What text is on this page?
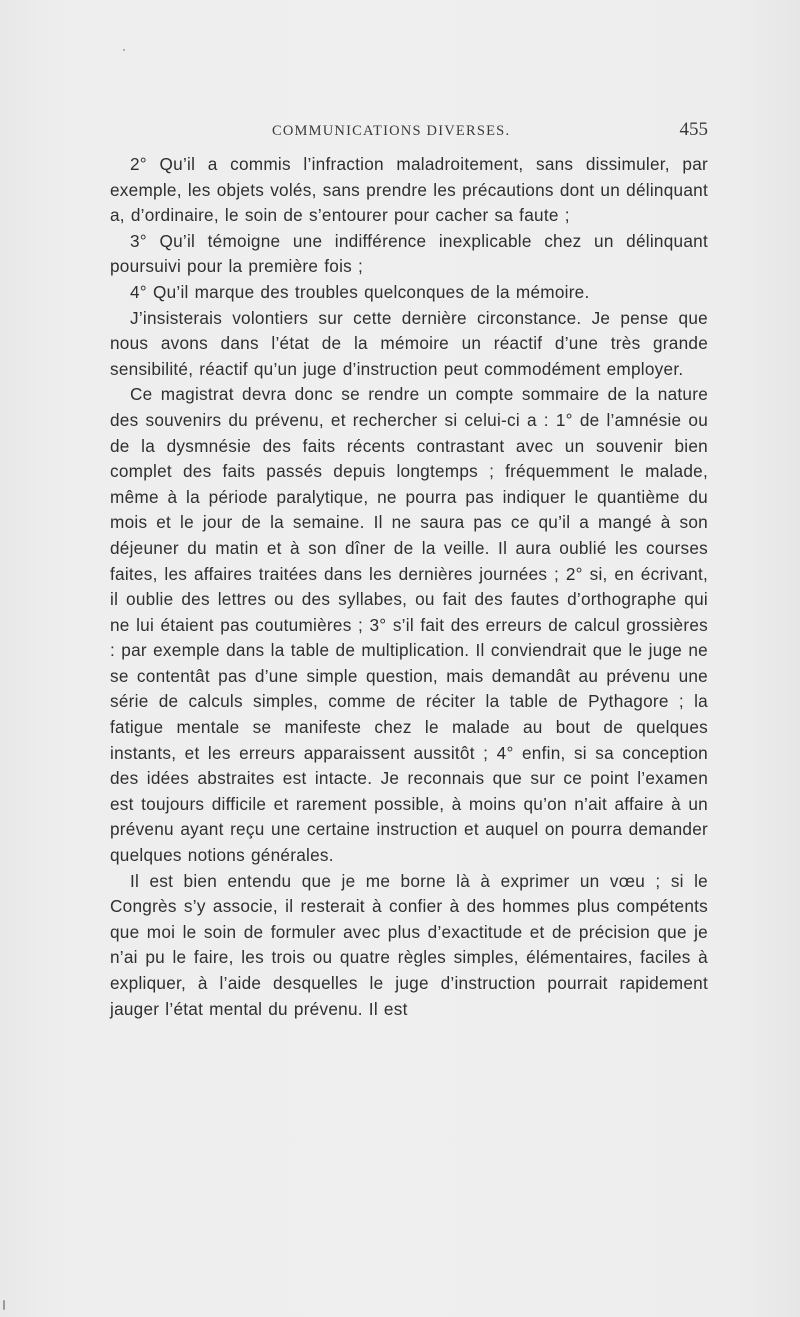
COMMUNICATIONS DIVERSES.	455

2° Qu’il a commis l’infraction maladroitement, sans dissimuler, par exemple, les objets volés, sans prendre les précautions dont un délinquant a, d’ordinaire, le soin de s’entourer pour cacher sa faute ;

3° Qu’il témoigne une indifférence inexplicable chez un délinquant poursuivi pour la première fois ;

4° Qu’il marque des troubles quelconques de la mémoire.

J’insisterais volontiers sur cette dernière circonstance. Je pense que nous avons dans l’état de la mémoire un réactif d’une très grande sensibilité, réactif qu’un juge d’instruction peut commodément employer.

Ce magistrat devra donc se rendre un compte sommaire de la nature des souvenirs du prévenu, et rechercher si celui-ci a : 1° de l’amnésie ou de la dysmnésie des faits récents contrastant avec un souvenir bien complet des faits passés depuis longtemps ; fréquemment le malade, même à la période paralytique, ne pourra pas indiquer le quantième du mois et le jour de la semaine. Il ne saura pas ce qu’il a mangé à son déjeuner du matin et à son dîner de la veille. Il aura oublié les courses faites, les affaires traitées dans les dernières journées ; 2° si, en écrivant, il oublie des lettres ou des syllabes, ou fait des fautes d’orthographe qui ne lui étaient pas coutumières ; 3° s’il fait des erreurs de calcul grossières : par exemple dans la table de multiplication. Il conviendrait que le juge ne se contentât pas d’une simple question, mais demandât au prévenu une série de calculs simples, comme de réciter la table de Pythagore ; la fatigue mentale se manifeste chez le malade au bout de quelques instants, et les erreurs apparaissent aussitôt ; 4° enfin, si sa conception des idées abstraites est intacte. Je reconnais que sur ce point l’examen est toujours difficile et rarement possible, à moins qu’on n’ait affaire à un prévenu ayant reçu une certaine instruction et auquel on pourra demander quelques notions générales.

Il est bien entendu que je me borne là à exprimer un vœu ; si le Congrès s’y associe, il resterait à confier à des hommes plus compétents que moi le soin de formuler avec plus d’exactitude et de précision que je n’ai pu le faire, les trois ou quatre règles simples, élémentaires, faciles à expliquer, à l’aide desquelles le juge d’instruction pourrait rapidement jauger l’état mental du prévenu. Il est
